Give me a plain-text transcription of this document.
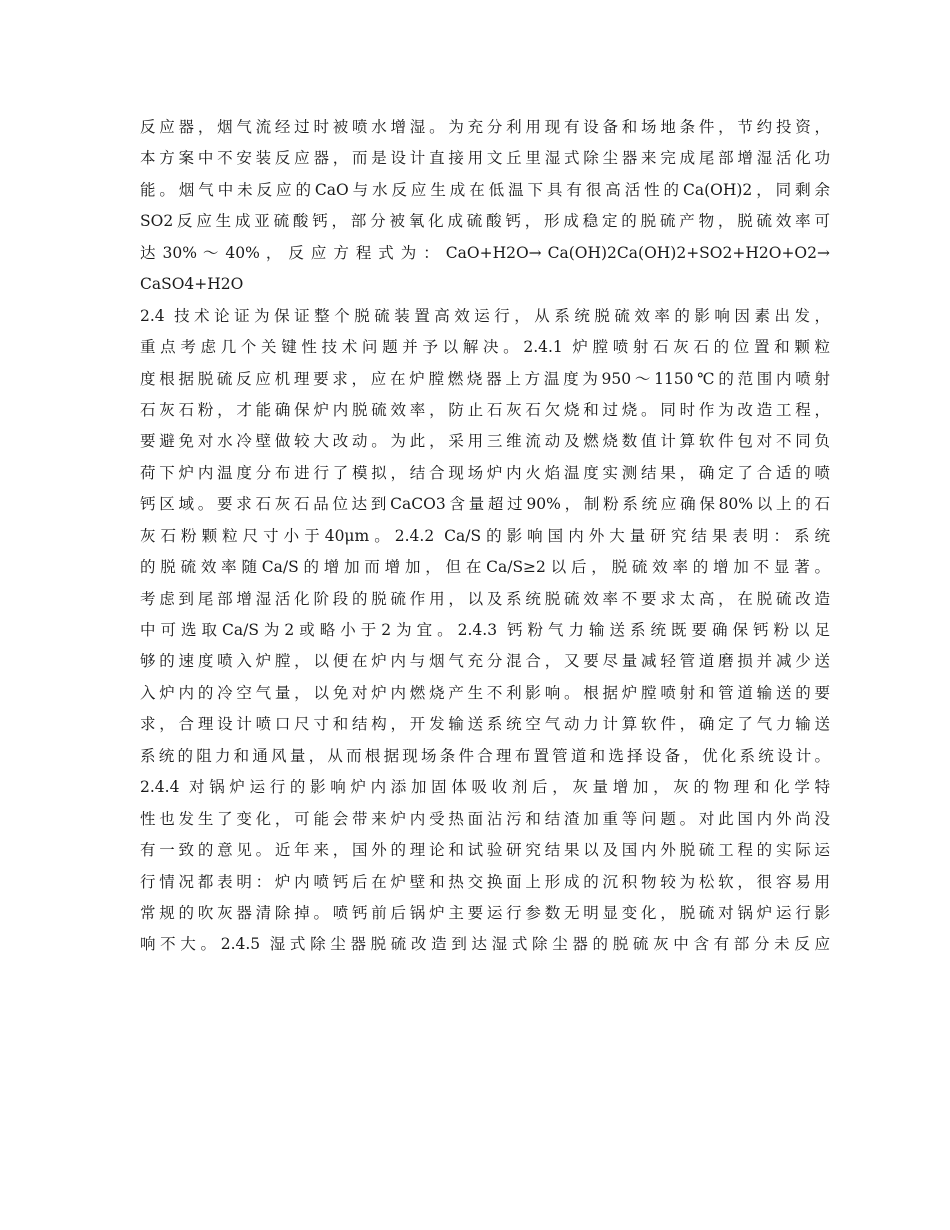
反应器，烟气流经过时被喷水增湿。为充分利用现有设备和场地条件，节约投资，
本方案中不安装反应器，而是设计直接用文丘里湿式除尘器来完成尾部增湿活化功
能。烟气中未反应的CaO与水反应生成在低温下具有很高活性的Ca(OH)2，同剩余
SO2反应生成亚硫酸钙，部分被氧化成硫酸钙，形成稳定的脱硫产物，脱硫效率可
达 30% ～ 40% ， 反 应 方 程 式 为 ： CaO+H2O→ Ca(OH)2Ca(OH)2+SO2+H2O+O2→
CaSO4+H2O
2.4 技术论证为保证整个脱硫装置高效运行，从系统脱硫效率的影响因素出发，
重点考虑几个关键性技术问题并予以解决。2.4.1 炉膛喷射石灰石的位置和颗粒
度根据脱硫反应机理要求，应在炉膛燃烧器上方温度为950～1150℃的范围内喷射
石灰石粉，才能确保炉内脱硫效率，防止石灰石欠烧和过烧。同时作为改造工程，
要避免对水冷壁做较大改动。为此，采用三维流动及燃烧数值计算软件包对不同负
荷下炉内温度分布进行了模拟，结合现场炉内火焰温度实测结果，确定了合适的喷
钙区域。要求石灰石品位达到CaCO3含量超过90%，制粉系统应确保80%以上的石
灰石粉颗粒尺寸小于40μm。2.4.2 Ca/S的影响国内外大量研究结果表明：系统
的脱硫效率随Ca/S的增加而增加，但在Ca/S≥2以后，脱硫效率的增加不显著。
考虑到尾部增湿活化阶段的脱硫作用，以及系统脱硫效率不要求太高，在脱硫改造
中可选取Ca/S为2或略小于2为宜。2.4.3 钙粉气力输送系统既要确保钙粉以足
够的速度喷入炉膛，以便在炉内与烟气充分混合，又要尽量减轻管道磨损并减少送
入炉内的冷空气量，以免对炉内燃烧产生不利影响。根据炉膛喷射和管道输送的要
求，合理设计喷口尺寸和结构，开发输送系统空气动力计算软件，确定了气力输送
系统的阻力和通风量，从而根据现场条件合理布置管道和选择设备，优化系统设计。
2.4.4 对锅炉运行的影响炉内添加固体吸收剂后，灰量增加，灰的物理和化学特
性也发生了变化，可能会带来炉内受热面沾污和结渣加重等问题。对此国内外尚没
有一致的意见。近年来，国外的理论和试验研究结果以及国内外脱硫工程的实际运
行情况都表明：炉内喷钙后在炉壁和热交换面上形成的沉积物较为松软，很容易用
常规的吹灰器清除掉。喷钙前后锅炉主要运行参数无明显变化，脱硫对锅炉运行影
响不大。2.4.5 湿式除尘器脱硫改造到达湿式除尘器的脱硫灰中含有部分未反应
